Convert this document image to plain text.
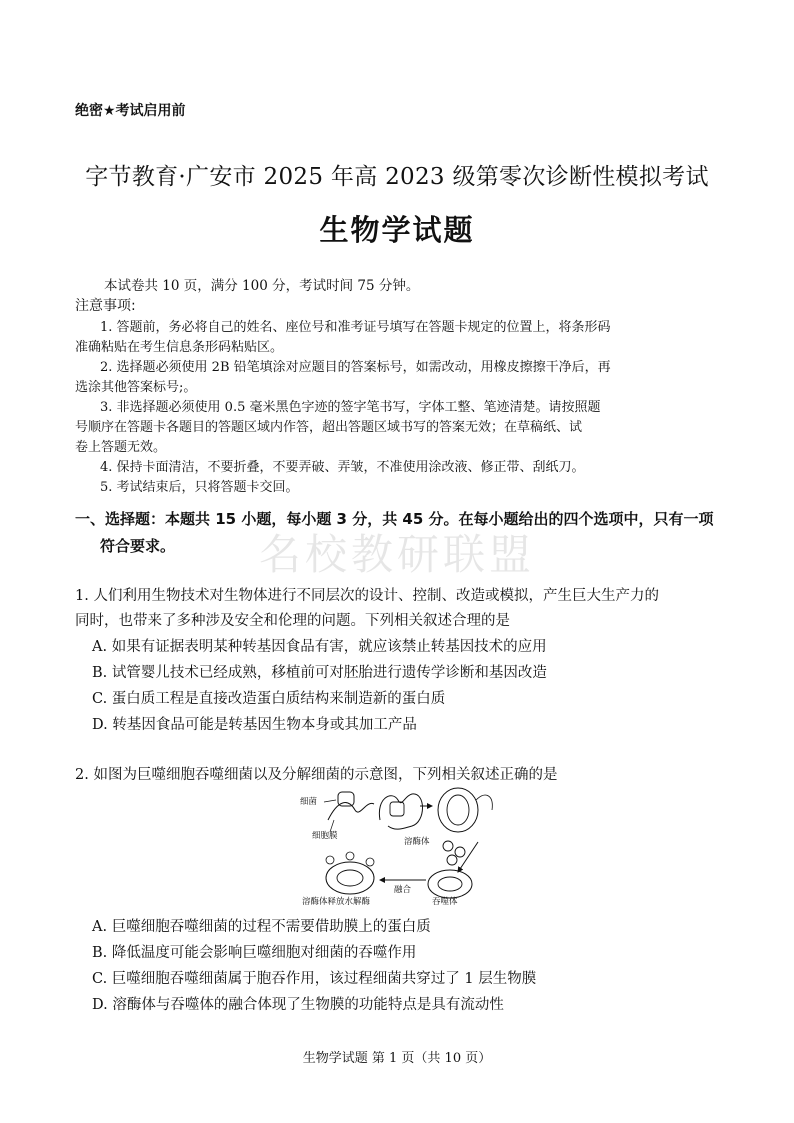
绝密★考试启用前
字节教育·广安市 2025 年高 2023 级第零次诊断性模拟考试
生物学试题
本试卷共 10 页，满分 100 分，考试时间 75 分钟。
注意事项:
1. 答题前，务必将自己的姓名、座位号和准考证号填写在答题卡规定的位置上，将条形码
准确粘贴在考生信息条形码粘贴区。
2. 选择题必须使用 2B 铅笔填涂对应题目的答案标号，如需改动，用橡皮擦擦干净后，再
选涂其他答案标号;。
3. 非选择题必须使用 0.5 毫米黑色字迹的签字笔书写，字体工整、笔迹清楚。请按照题
号顺序在答题卡各题目的答题区域内作答，超出答题区域书写的答案无效；在草稿纸、试
卷上答题无效。
4. 保持卡面清洁，不要折叠，不要弄破、弄皱，不准使用涂改液、修正带、刮纸刀。
5. 考试结束后，只将答题卡交回。
名校教研联盟
一、选择题：本题共 15 小题，每小题 3 分，共 45 分。在每小题给出的四个选项中，只有一项
符合要求。
1. 人们利用生物技术对生物体进行不同层次的设计、控制、改造或模拟，产生巨大生产力的
同时，也带来了多种涉及安全和伦理的问题。下列相关叙述合理的是
A. 如果有证据表明某种转基因食品有害，就应该禁止转基因技术的应用
B. 试管婴儿技术已经成熟，移植前可对胚胎进行遗传学诊断和基因改造
C. 蛋白质工程是直接改造蛋白质结构来制造新的蛋白质
D. 转基因食品可能是转基因生物本身或其加工产品
2. 如图为巨噬细胞吞噬细菌以及分解细菌的示意图，下列相关叙述正确的是
细菌
细胞膜
溶酶体
吞噬体
融合
溶酶体释放水解酶
A. 巨噬细胞吞噬细菌的过程不需要借助膜上的蛋白质
B. 降低温度可能会影响巨噬细胞对细菌的吞噬作用
C. 巨噬细胞吞噬细菌属于胞吞作用，该过程细菌共穿过了 1 层生物膜
D. 溶酶体与吞噬体的融合体现了生物膜的功能特点是具有流动性
生物学试题 第 1 页（共 10 页）
